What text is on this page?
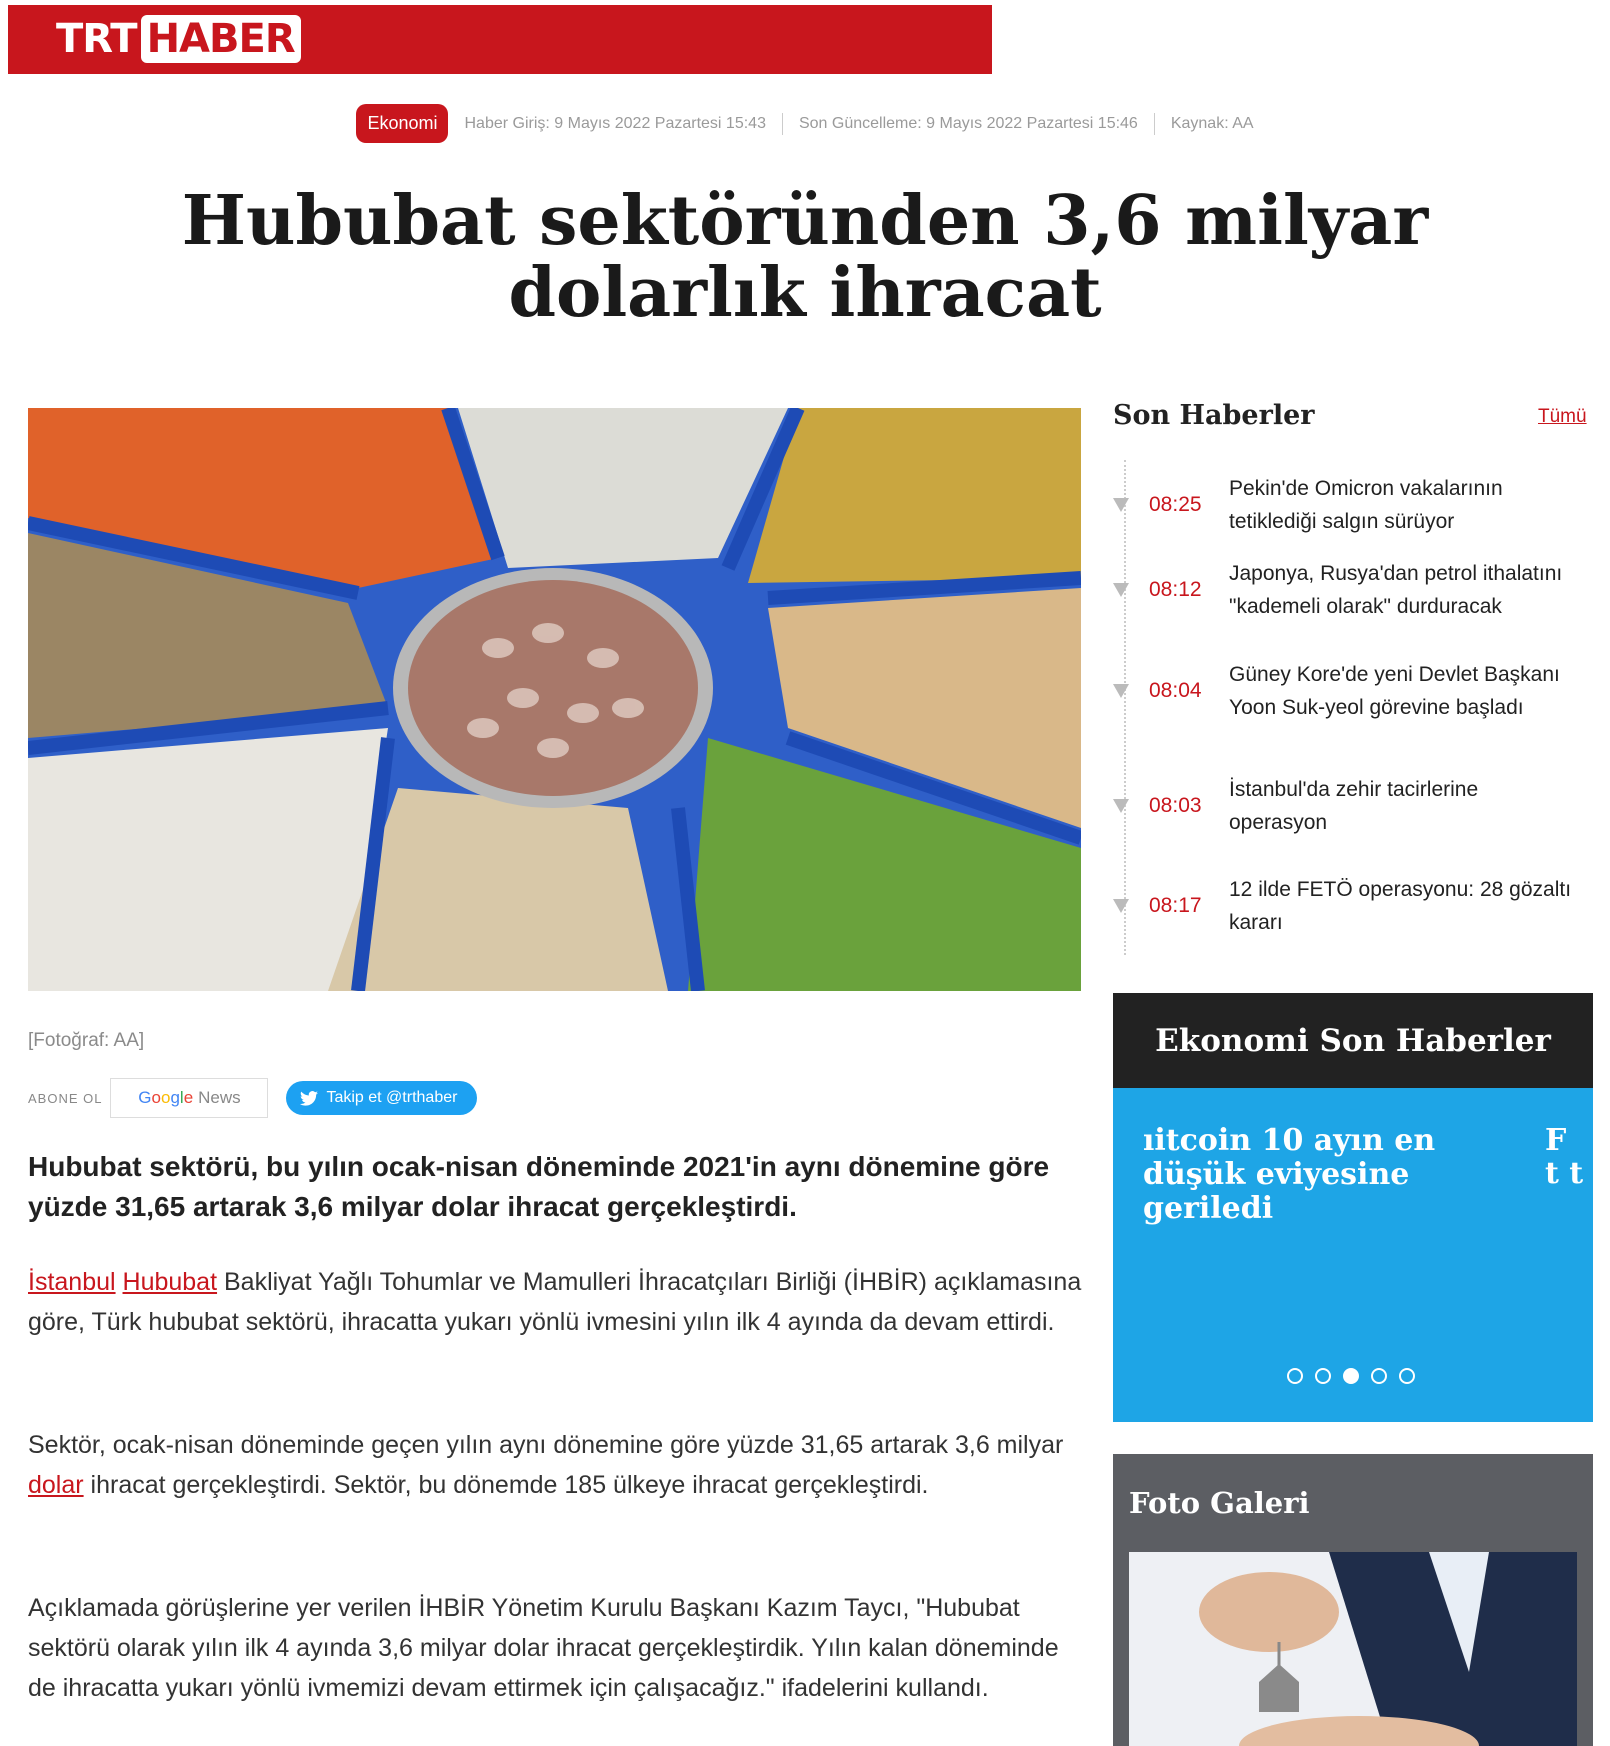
TRT HABER
Ekonomi	Haber Giriş: 9 Mayıs 2022 Pazartesi 15:43 Son Güncelleme: 9 Mayıs 2022 Pazartesi 15:46 Kaynak: AA
Hububat sektöründen 3,6 milyar dolarlık ihracat
[Fotoğraf: AA]
ABONE OL G o o g l e News	Takip et @trthaber

Hububat sektörü, bu yılın ocak-nisan döneminde 2021'in aynı dönemine göre yüzde 31,65 artarak 3,6 milyar dolar ihracat gerçekleştirdi.

İstanbul Hububat Bakliyat Yağlı Tohumlar ve Mamulleri İhracatçıları Birliği (İHBİR) açıklamasına göre, Türk hububat sektörü, ihracatta yukarı yönlü ivmesini yılın ilk 4 ayında da devam ettirdi.

Sektör, ocak-nisan döneminde geçen yılın aynı dönemine göre yüzde 31,65 artarak 3,6 milyar dolar ihracat gerçekleştirdi. Sektör, bu dönemde 185 ülkeye ihracat gerçekleştirdi.

Açıklamada görüşlerine yer verilen İHBİR Yönetim Kurulu Başkanı Kazım Taycı, "Hububat sektörü olarak yılın ilk 4 ayında 3,6 milyar dolar ihracat gerçekleştirdik. Yılın kalan döneminde de ihracatta yukarı yönlü ivmemizi devam ettirmek için çalışacağız." ifadelerini kullandı.

Son Haberler	Tümü
08:25
Pekin'de Omicron vakalarının tetiklediği salgın sürüyor
08:12
Japonya, Rusya'dan petrol ithalatını "kademeli olarak" durduracak
08:04
Güney Kore'de yeni Devlet Başkanı Yoon Suk-yeol görevine başladı
08:03
İstanbul'da zehir tacirlerine operasyon
08:17
12 ilde FETÖ operasyonu: 28 gözaltı kararı
Ekonomi Son Haberler
ıitcoin 10 ayın en düşük eviyesine geriledi
F t t
Foto Galeri
